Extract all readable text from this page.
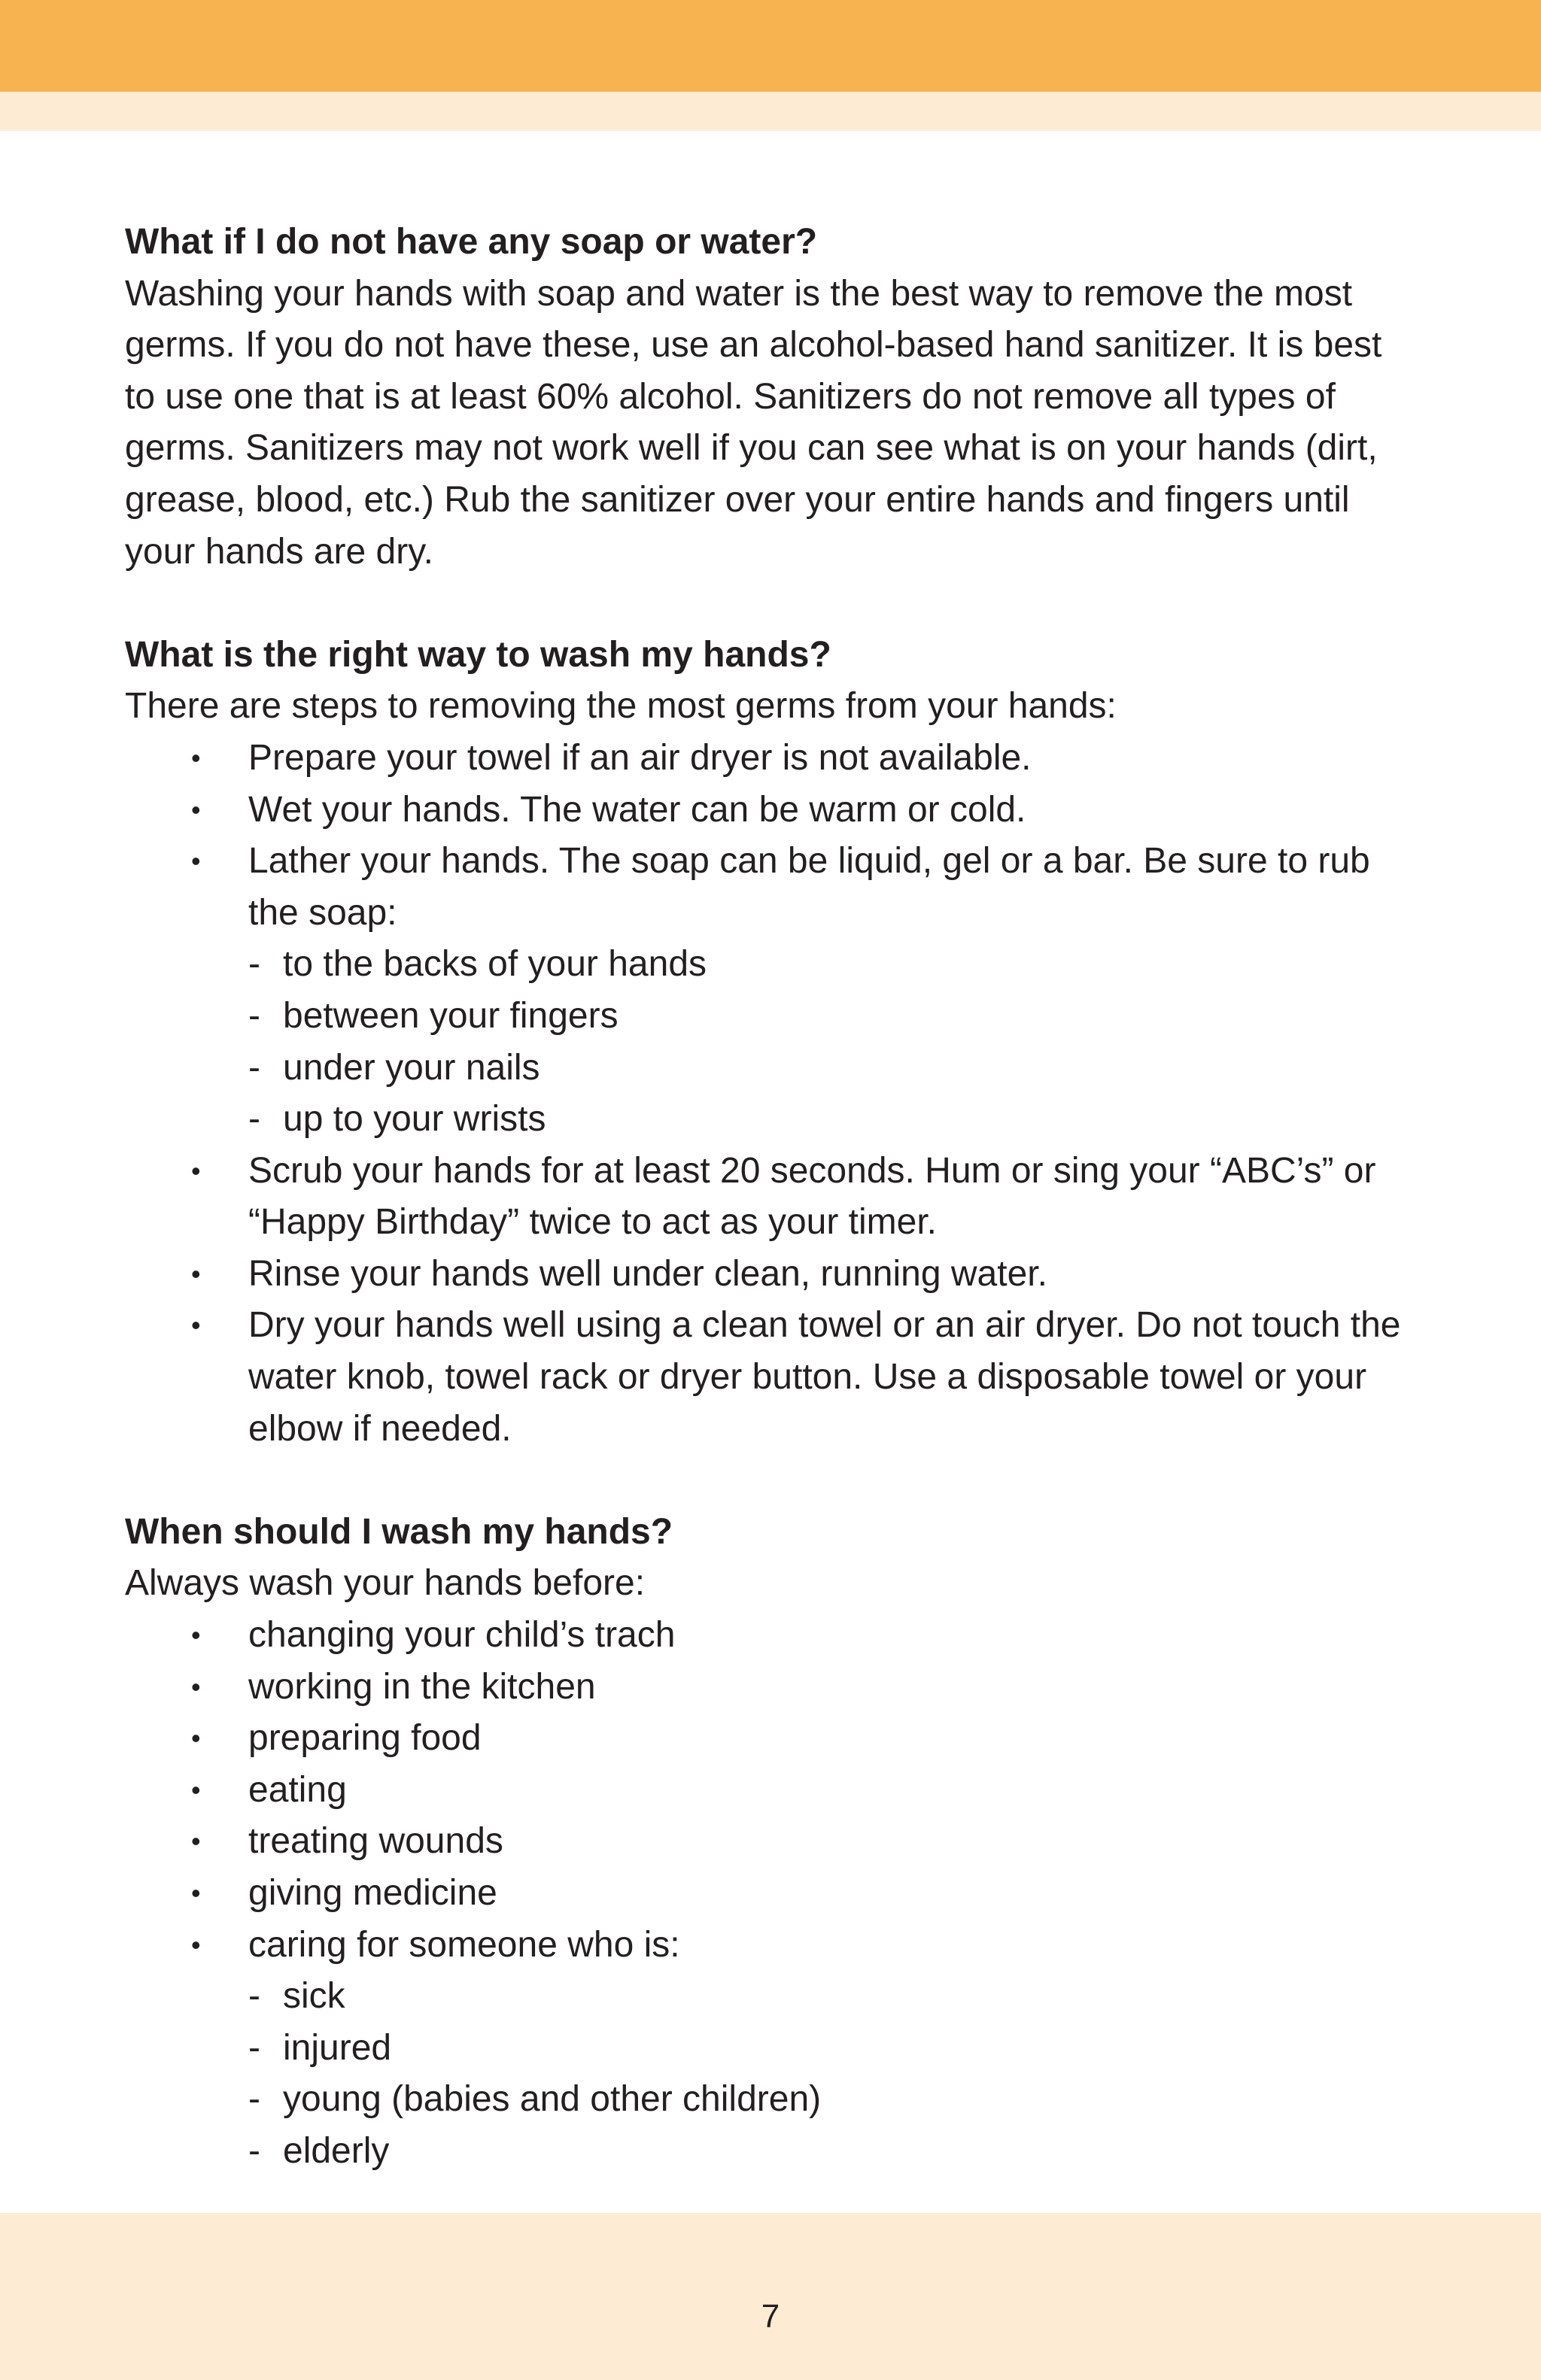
What if I do not have any soap or water?

Washing your hands with soap and water is the best way to remove the most germs. If you do not have these, use an alcohol-based hand sanitizer. It is best to use one that is at least 60% alcohol. Sanitizers do not remove all types of germs. Sanitizers may not work well if you can see what is on your hands (dirt, grease, blood, etc.) Rub the sanitizer over your entire hands and fingers until your hands are dry.

What is the right way to wash my hands?

There are steps to removing the most germs from your hands:

• Prepare your towel if an air dryer is not available.
• Wet your hands. The water can be warm or cold.
• Lather your hands. The soap can be liquid, gel or a bar. Be sure to rub the soap:
- to the backs of your hands
- between your fingers
- under your nails
- up to your wrists
• Scrub your hands for at least 20 seconds. Hum or sing your “ABC’s” or “Happy Birthday” twice to act as your timer.
• Rinse your hands well under clean, running water.
• Dry your hands well using a clean towel or an air dryer. Do not touch the water knob, towel rack or dryer button. Use a disposable towel or your elbow if needed.

When should I wash my hands?

Always wash your hands before:

• changing your child’s trach
• working in the kitchen
• preparing food
• eating
• treating wounds
• giving medicine
• caring for someone who is:
- sick
- injured
- young (babies and other children)
- elderly
7
